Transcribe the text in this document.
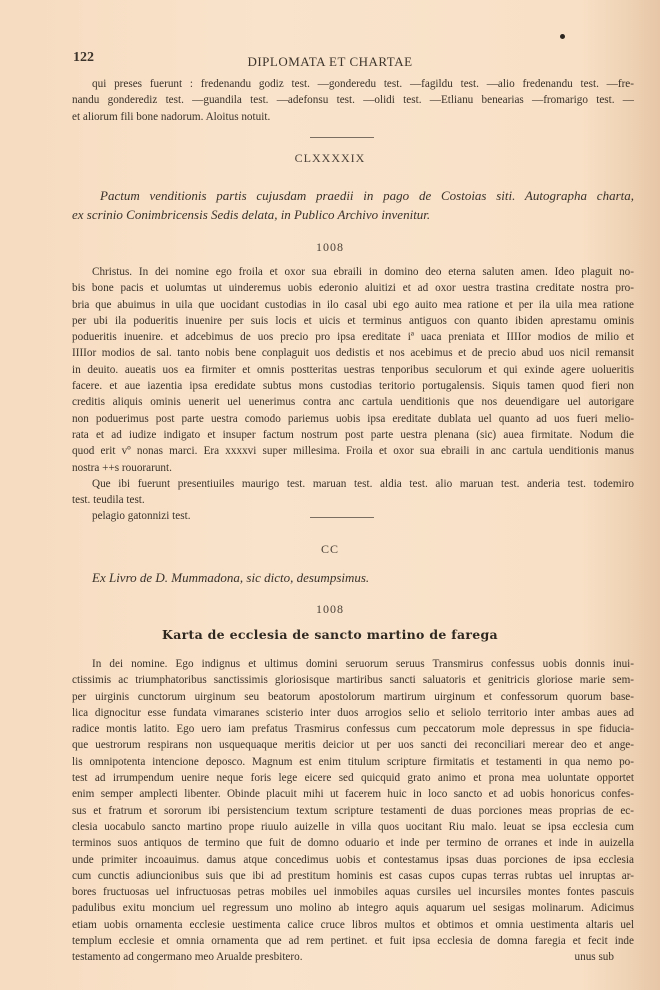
122	DIPLOMATA ET CHARTAE
qui preses fuerunt : fredenandu godiz test. —gonderedu test. —fagildu test. —alio fredenandu test. —fre-
nandu gonderediz test. —guandila test. —adefonsu test. —olidi test. —Etlianu benearias —fromarigo test. —
et aliorum fili bone nadorum. Aloitus notuit.
CLXXXXIX
Pactum venditionis partis cujusdam praedii in pago de Costoias siti. Autographa charta,
ex scrinio Conimbricensis Sedis delata, in Publico Archivo invenitur.
1008
Christus. In dei nomine ego froila et oxor sua ebraili in domino deo eterna saluten amen. Ideo plaguit no-
bis bone pacis et uolumtas ut uinderemus uobis ederonio aluitizi et ad oxor uestra trastina creditate nostra pro-
bria que abuimus in uila que uocidant custodias in ilo casal ubi ego auito mea ratione et per ila uila mea ratione
per ubi ila podueritis inuenire per suis locis et uicis et terminus antiguos con quanto ibiden aprestamu ominis
podueritis inuenire. et adcebimus de uos precio pro ipsa ereditate iª uaca preniata et IIIIor modios de milio et
IIIIor modios de sal. tanto nobis bene conplaguit uos dedistis et nos acebimus et de precio abud uos nicil remansit
in deuito. aueatis uos ea firmiter et omnis postteritas uestras tenporibus seculorum et qui exinde agere uolueritis
facere. et aue iazentia ipsa eredidate subtus mons custodias teritorio portugalensis. Siquis tamen quod fieri non
creditis aliquis ominis uenerit uel uenerimus contra anc cartula uenditionis que nos deuendigare uel autorigare
non poduerimus post parte uestra comodo pariemus uobis ipsa ereditate dublata uel quanto ad uos fueri melio-
rata et ad iudize indigato et insuper factum nostrum post parte uestra plenana (sic) auea firmitate. Nodum die
quod erit vº nonas marci. Era xxxxvi super millesima. Froila et oxor sua ebraili in anc cartula uenditionis manus
nostra ++s rouorarunt.
Que ibi fuerunt presentiuiles maurigo test. maruan test. aldia test. alio maruan test. anderia test. todemiro
test. teudila test.
pelagio gatonnizi test.
CC
Ex Livro de D. Mummadona, sic dicto, desumpsimus.
1008
Karta de ecclesia de sancto martino de farega
In dei nomine. Ego indignus et ultimus domini seruorum seruus Transmirus confessus uobis donnis inui-
ctissimis ac triumphatoribus sanctissimis gloriosisque martiribus sancti saluatoris et genitricis gloriose marie sem-
per uirginis cunctorum uirginum seu beatorum apostolorum martirum uirginum et confessorum quorum base-
lica dignocitur esse fundata vimaranes scisterio inter duos arrogios selio et seliolo territorio inter ambas aues ad
radice montis latito. Ego uero iam prefatus Trasmirus confessus cum peccatorum mole depressus in spe fiducia-
que uestrorum respirans non usquequaque meritis deicior ut per uos sancti dei reconciliari merear deo et ange-
lis omnipotenta intencione deposco. Magnum est enim titulum scripture firmitatis et testamenti in qua nemo po-
test ad irrumpendum uenire neque foris lege eicere sed quicquid grato animo et prona mea uoluntate opportet
enim semper amplecti libenter. Obinde placuit mihi ut facerem huic in loco sancto et ad uobis honoricus confes-
sus et fratrum et sororum ibi persistencium textum scripture testamenti de duas porciones meas proprias de ec-
clesia uocabulo sancto martino prope riuulo auizelle in villa quos uocitant Riu malo. leuat se ipsa ecclesia cum
terminos suos antiquos de termino que fuit de domno oduario et inde per termino de orranes et inde in auizella
unde primiter incoauimus. damus atque concedimus uobis et contestamus ipsas duas porciones de ipsa ecclesia
cum cunctis adiuncionibus suis que ibi ad prestitum hominis est casas cupos cupas terras rubtas uel inruptas ar-
bores fructuosas uel infructuosas petras mobiles uel inmobiles aquas cursiles uel incursiles montes fontes pascuis
padulibus exitu moncium uel regressum uno molino ab integro aquis aquarum uel sesigas molinarum. Adicimus
etiam uobis ornamenta ecclesie uestimenta calice cruce libros multos et obtimos et omnia uestimenta altaris uel
templum ecclesie et omnia ornamenta que ad rem pertinet. et fuit ipsa ecclesia de domna faregia et fecit inde
testamento ad congermano meo Arualde presbitero.	unus sub
